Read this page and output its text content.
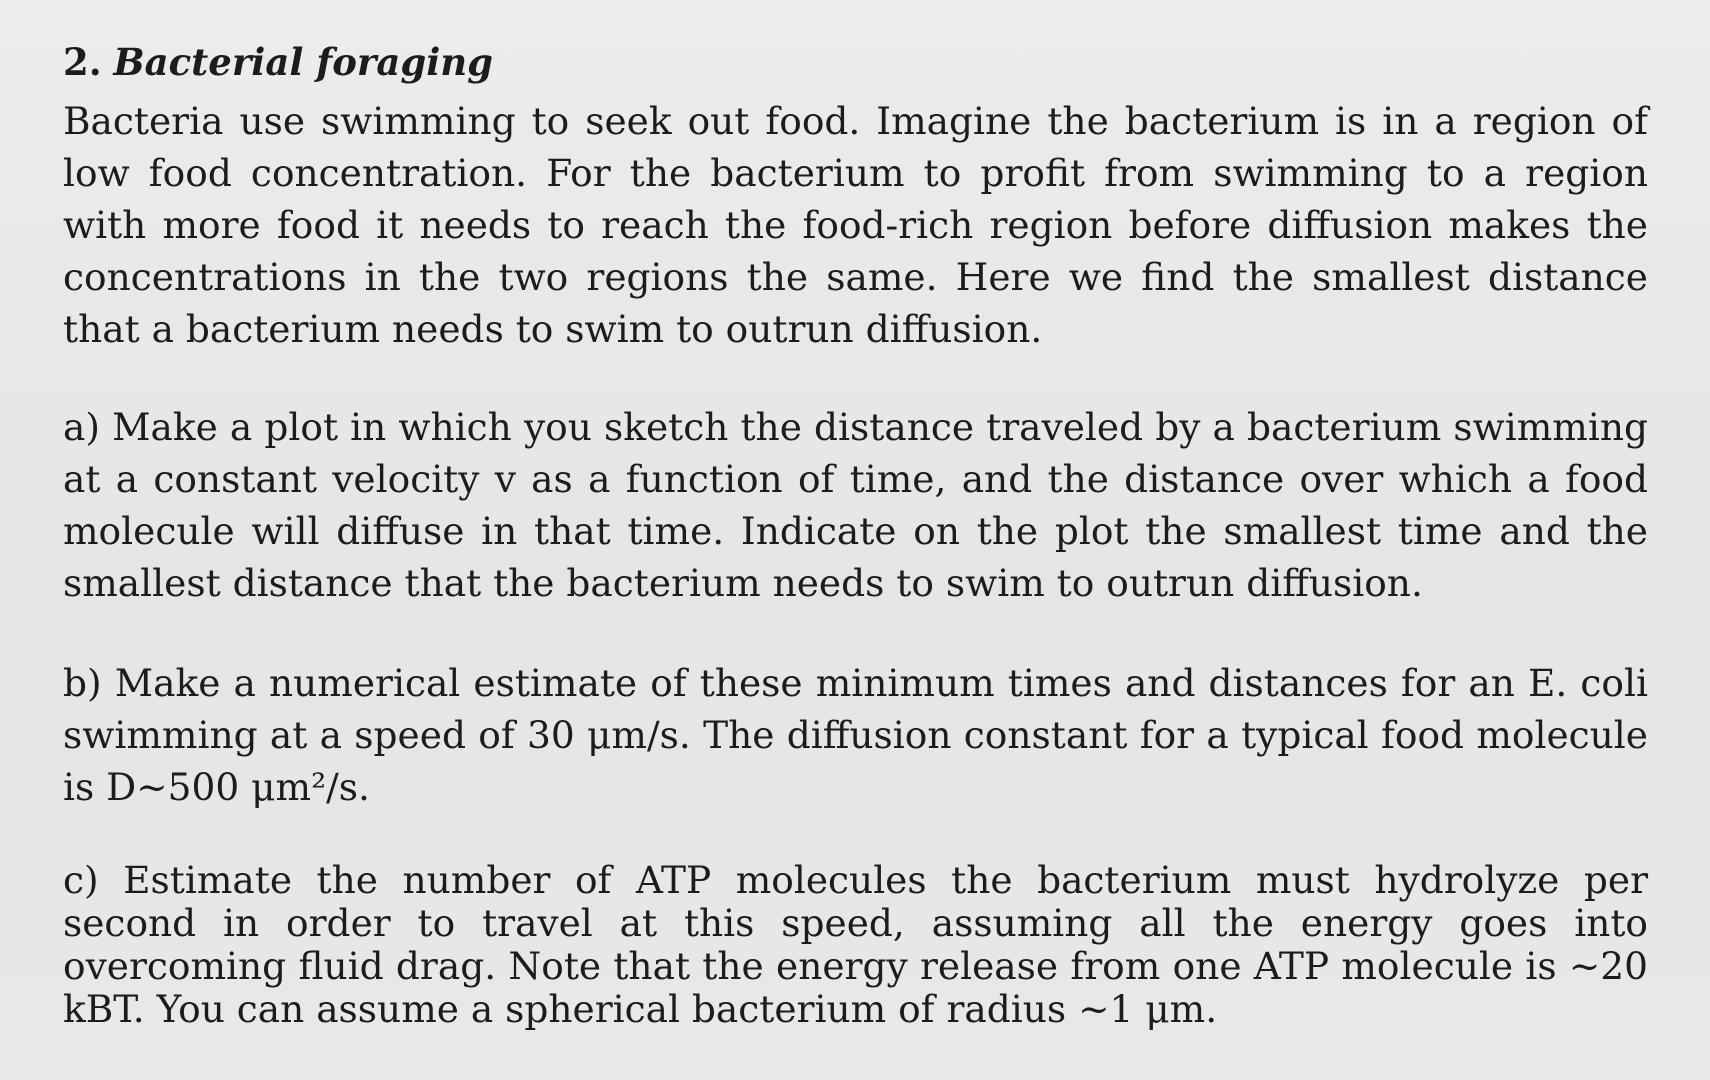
2. Bacterial foraging

Bacteria use swimming to seek out food. Imagine the bacterium is in a region of low food concentration. For the bacterium to profit from swimming to a region with more food it needs to reach the food-rich region before diffusion makes the concentrations in the two regions the same. Here we find the smallest distance that a bacterium needs to swim to outrun diffusion.

a) Make a plot in which you sketch the distance traveled by a bacterium swimming at a constant velocity v as a function of time, and the distance over which a food molecule will diffuse in that time. Indicate on the plot the smallest time and the smallest distance that the bacterium needs to swim to outrun diffusion.

b) Make a numerical estimate of these minimum times and distances for an E. coli swimming at a speed of 30 μm/s. The diffusion constant for a typical food molecule is D~500 μm²/s.

c) Estimate the number of ATP molecules the bacterium must hydrolyze per second in order to travel at this speed, assuming all the energy goes into overcoming fluid drag. Note that the energy release from one ATP molecule is ~20 kBT. You can assume a spherical bacterium of radius ~1 μm.
